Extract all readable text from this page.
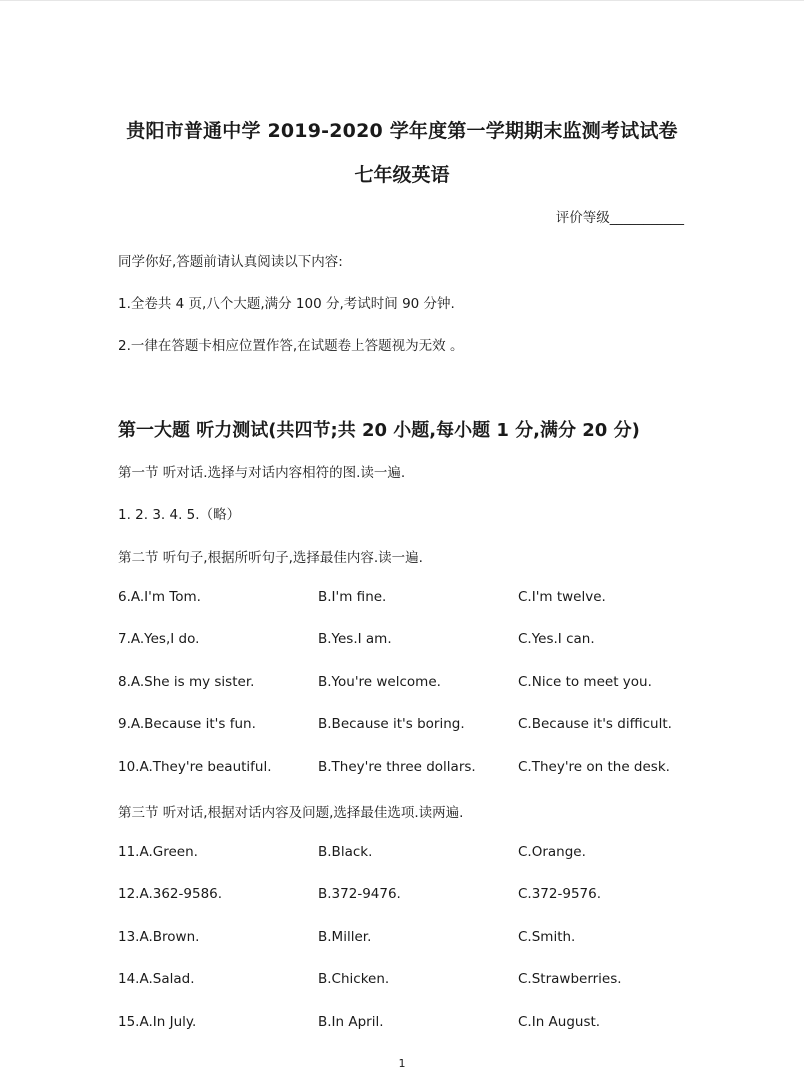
贵阳市普通中学 2019-2020 学年度第一学期期末监测考试试卷
七年级英语
评价等级___________
同学你好,答题前请认真阅读以下内容:
1.全卷共 4 页,八个大题,满分 100 分,考试时间 90 分钟.
2.一律在答题卡相应位置作答,在试题卷上答题视为无效 。
第一大题 听力测试(共四节;共 20 小题,每小题 1 分,满分 20 分)
第一节 听对话.选择与对话内容相符的图.读一遍.
1. 2. 3. 4. 5.（略）
第二节 听句子,根据所听句子,选择最佳内容.读一遍.
6.A.I'm Tom.	B.I'm fine.	C.I'm twelve.
7.A.Yes,I do.	B.Yes.I am.	C.Yes.I can.
8.A.She is my sister.	B.You're welcome.	C.Nice to meet you.
9.A.Because it's fun.	B.Because it's boring.	C.Because it's difficult.
10.A.They're beautiful.	B.They're three dollars.	C.They're on the desk.
第三节 听对话,根据对话内容及问题,选择最佳选项.读两遍.
11.A.Green.	B.Black.	C.Orange.
12.A.362-9586.	B.372-9476.	C.372-9576.
13.A.Brown.	B.Miller.	C.Smith.
14.A.Salad.	B.Chicken.	C.Strawberries.
15.A.In July.	B.In April.	C.In August.
1
